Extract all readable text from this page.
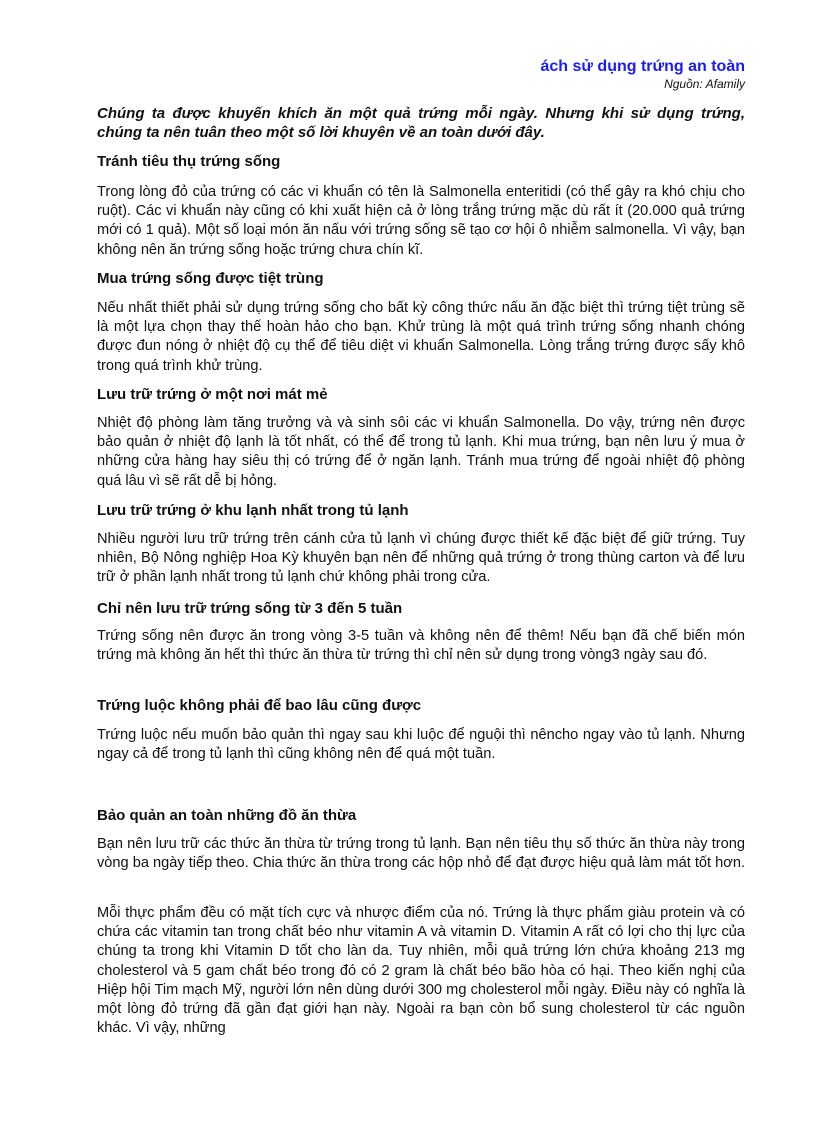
ách sử dụng trứng an toàn
Nguồn: Afamily
Chúng ta được khuyến khích ăn một quả trứng mỗi ngày. Nhưng khi sử dụng trứng, chúng ta nên tuân theo một số lời khuyên về an toàn dưới đây.
Tránh tiêu thụ trứng sống

Trong lòng đỏ của trứng có các vi khuẩn có tên là Salmonella enteritidi (có thể gây ra khó chịu cho ruột). Các vi khuẩn này cũng có khi xuất hiện cả ở lòng trắng trứng mặc dù rất ít (20.000 quả trứng mới có 1 quả). Một số loại món ăn nấu với trứng sống sẽ tạo cơ hội ô nhiễm salmonella. Vì vậy, bạn không nên ăn trứng sống hoặc trứng chưa chín kĩ.

Mua trứng sống được tiệt trùng

Nếu nhất thiết phải sử dụng trứng sống cho bất kỳ công thức nấu ăn đặc biệt thì trứng tiệt trùng sẽ là một lựa chọn thay thế hoàn hảo cho bạn. Khử trùng là một quá trình trứng sống nhanh chóng được đun nóng ở nhiệt độ cụ thể để tiêu diệt vi khuẩn Salmonella. Lòng trắng trứng được sấy khô trong quá trình khử trùng.

Lưu trữ trứng ở một nơi mát mẻ

Nhiệt độ phòng làm tăng trưởng và và sinh sôi các vi khuẩn Salmonella. Do vậy, trứng nên được bảo quản ở nhiệt độ lạnh là tốt nhất, có thể để trong tủ lạnh. Khi mua trứng, bạn nên lưu ý mua ở những cửa hàng hay siêu thị có trứng để ở ngăn lạnh. Tránh mua trứng để ngoài nhiệt độ phòng quá lâu vì sẽ rất dễ bị hỏng.

Lưu trữ trứng ở khu lạnh nhất trong tủ lạnh

Nhiều người lưu trữ trứng trên cánh cửa tủ lạnh vì chúng được thiết kế đặc biệt để giữ trứng. Tuy nhiên, Bộ Nông nghiệp Hoa Kỳ khuyên bạn nên để những quả trứng ở trong thùng carton và để lưu trữ ở phần lạnh nhất trong tủ lạnh chứ không phải trong cửa.

Chỉ nên lưu trữ trứng sống từ 3 đến 5 tuần

Trứng sống nên được ăn trong vòng 3-5 tuần và không nên để thêm! Nếu bạn đã chế biến món trứng mà không ăn hết thì thức ăn thừa từ trứng thì chỉ nên sử dụng trong vòng3 ngày sau đó.

Trứng luộc không phải để bao lâu cũng được

Trứng luộc nếu muốn bảo quản thì ngay sau khi luộc để nguội thì nêncho ngay vào tủ lạnh. Nhưng ngay cả để trong tủ lạnh thì cũng không nên để quá một tuần.

Bảo quản an toàn những đồ ăn thừa

Bạn nên lưu trữ các thức ăn thừa từ trứng trong tủ lạnh. Bạn nên tiêu thụ số thức ăn thừa này trong vòng ba ngày tiếp theo. Chia thức ăn thừa trong các hộp nhỏ để đạt được hiệu quả làm mát tốt hơn.

Mỗi thực phẩm đều có mặt tích cực và nhược điểm của nó. Trứng là thực phẩm giàu protein và có chứa các vitamin tan trong chất béo như vitamin A và vitamin D. Vitamin A rất có lợi cho thị lực của chúng ta trong khi Vitamin D tốt cho làn da. Tuy nhiên, mỗi quả trứng lớn chứa khoảng 213 mg cholesterol và 5 gam chất béo trong đó có 2 gram là chất béo bão hòa có hại. Theo kiến nghị của Hiệp hội Tim mạch Mỹ, người lớn nên dùng dưới 300 mg cholesterol mỗi ngày. Điều này có nghĩa là một lòng đỏ trứng đã gần đạt giới hạn này. Ngoài ra bạn còn bổ sung cholesterol từ các nguồn khác. Vì vậy, những
